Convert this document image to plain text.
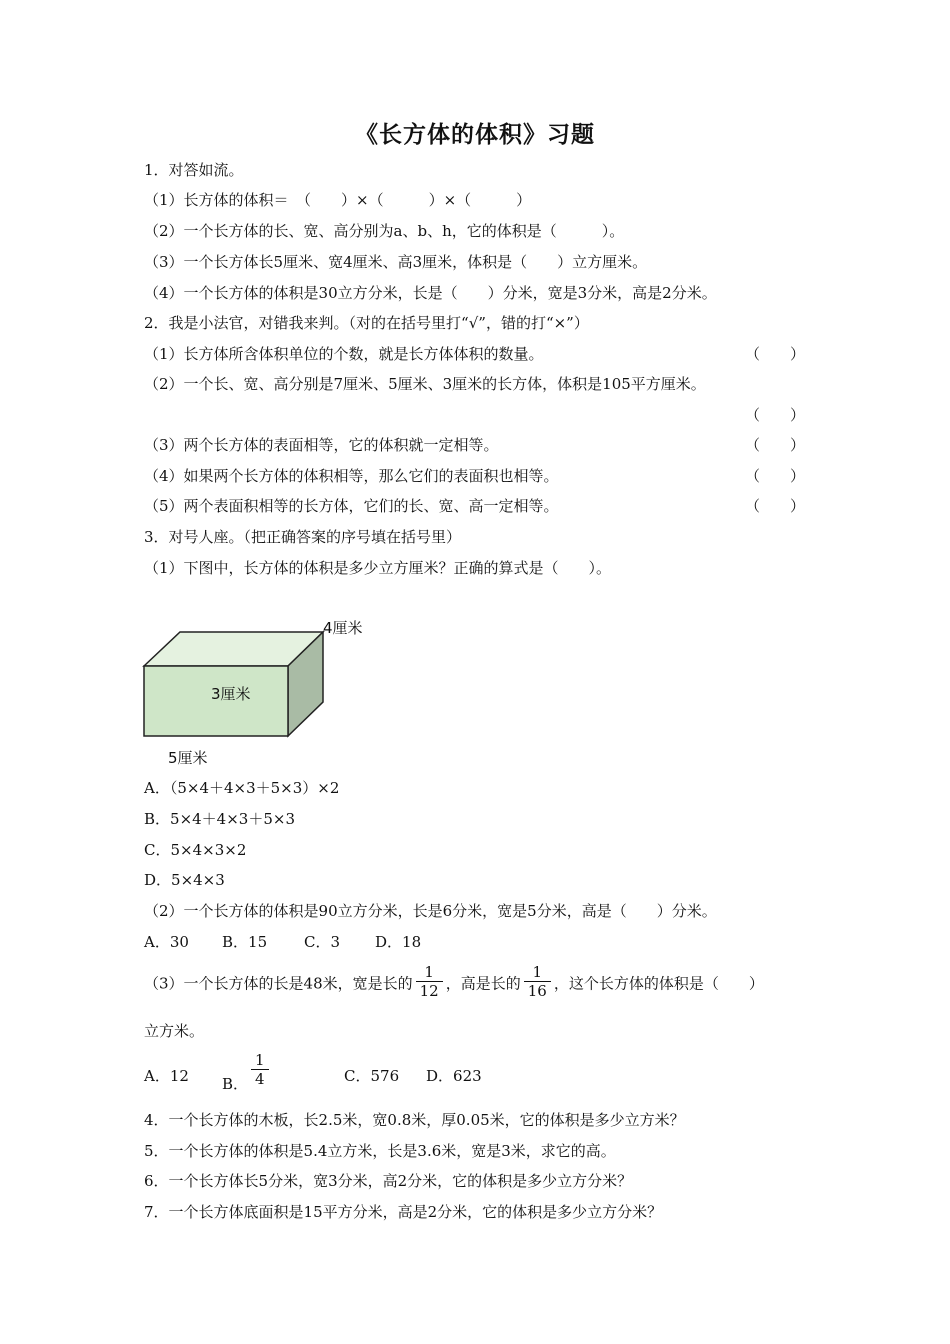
《长方体的体积》习题
1．对答如流。
（1）长方体的体积＝　（　　）×（　　　）×（　　　）
（2）一个长方体的长、宽、高分别为a、b、h，它的体积是（　　　）。
（3）一个长方体长5厘米、宽4厘米、高3厘米，体积是（　　）立方厘米。
（4）一个长方体的体积是30立方分米，长是（　　）分米，宽是3分米，高是2分米。
2．我是小法官，对错我来判。（对的在括号里打“√”，错的打“×”）
（1）长方体所含体积单位的个数，就是长方体体积的数量。	（　　）
（2）一个长、宽、高分别是7厘米、5厘米、3厘米的长方体，体积是105平方厘米。
（　　）
（3）两个长方体的表面相等，它的体积就一定相等。	（　　）
（4）如果两个长方体的体积相等，那么它们的表面积也相等。	（　　）
（5）两个表面积相等的长方体，它们的长、宽、高一定相等。	（　　）
3．对号人座。（把正确答案的序号填在括号里）
（1）下图中，长方体的体积是多少立方厘米？正确的算式是（　　）。
4厘米
3厘米
5厘米
A．（5×4＋4×3＋5×3）×2
B．5×4＋4×3＋5×3
C．5×4×3×2
D．5×4×3
（2）一个长方体的体积是90立方分米，长是6分米，宽是5分米，高是（　　）分米。
A．30 B．15 C．3 D．18
（3）一个长方体的长是48米，宽是长的 $\frac{1}{12}$ ，高是长的 $\frac{1}{16}$ ，这个长方体的体积是（　　）
立方米。
A．12 B． $\frac{1}{4}$	C．576 D．623
4．一个长方体的木板，长2.5米，宽0.8米，厚0.05米，它的体积是多少立方米？
5．一个长方体的体积是5.4立方米，长是3.6米，宽是3米，求它的高。
6．一个长方体长5分米，宽3分米，高2分米，它的体积是多少立方分米？
7．一个长方体底面积是15平方分米，高是2分米，它的体积是多少立方分米？
